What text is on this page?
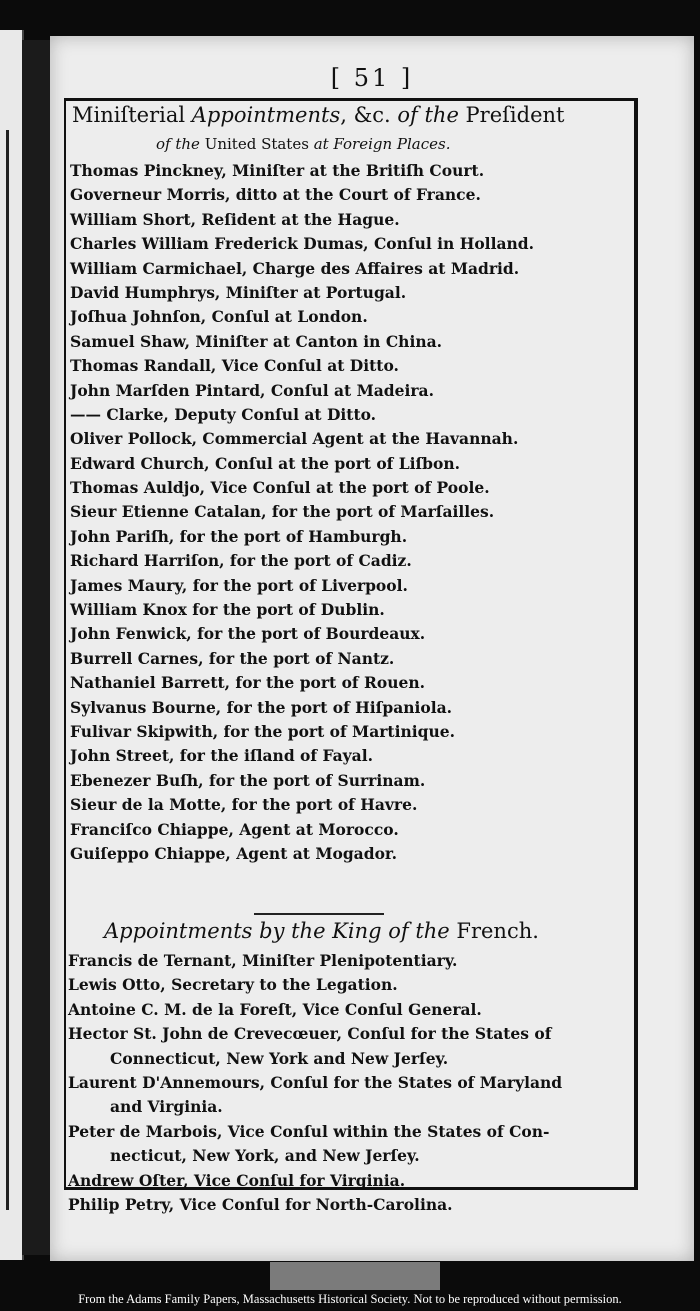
[ 51 ]
Miniſterial Appointments, &c. of the Preſident
of the United States at Foreign Places.
Thomas Pinckney, Miniſter at the Britiſh Court.
Governeur Morris, ditto at the Court of France.
William Short, Reſident at the Hague.
Charles William Frederick Dumas, Conſul in Holland.
William Carmichael, Charge des Affaires at Madrid.
David Humphrys, Miniſter at Portugal.
Joſhua Johnſon, Conſul at London.
Samuel Shaw, Miniſter at Canton in China.
Thomas Randall, Vice Conſul at Ditto.
John Marſden Pintard, Conſul at Madeira.
—— Clarke, Deputy Conſul at Ditto.
Oliver Pollock, Commercial Agent at the Havannah.
Edward Church, Conſul at the port of Liſbon.
Thomas Auldjo, Vice Conſul at the port of Poole.
Sieur Etienne Catalan, for the port of Marſailles.
John Pariſh, for the port of Hamburgh.
Richard Harriſon, for the port of Cadiz.
James Maury, for the port of Liverpool.
William Knox for the port of Dublin.
John Fenwick, for the port of Bourdeaux.
Burrell Carnes, for the port of Nantz.
Nathaniel Barrett, for the port of Rouen.
Sylvanus Bourne, for the port of Hiſpaniola.
Fulivar Skipwith, for the port of Martinique.
John Street, for the iſland of Fayal.
Ebenezer Buſh, for the port of Surrinam.
Sieur de la Motte, for the port of Havre.
Franciſco Chiappe, Agent at Morocco.
Guiſeppo Chiappe, Agent at Mogador.
Appointments by the King of the French.
Francis de Ternant, Miniſter Plenipotentiary.
Lewis Otto, Secretary to the Legation.
Antoine C. M. de la Foreſt, Vice Conſul General.
Hector St. John de Crevecœuer, Conſul for the States of
Connecticut, New York and New Jerſey.
Laurent D'Annemours, Conſul for the States of Maryland
and Virginia.
Peter de Marbois, Vice Conſul within the States of Con-
necticut, New York, and New Jerſey.
Andrew Oſter, Vice Conſul for Virginia.
Philip Petry, Vice Conſul for North-Carolina.
From the Adams Family Papers, Massachusetts Historical Society. Not to be reproduced without permission.
